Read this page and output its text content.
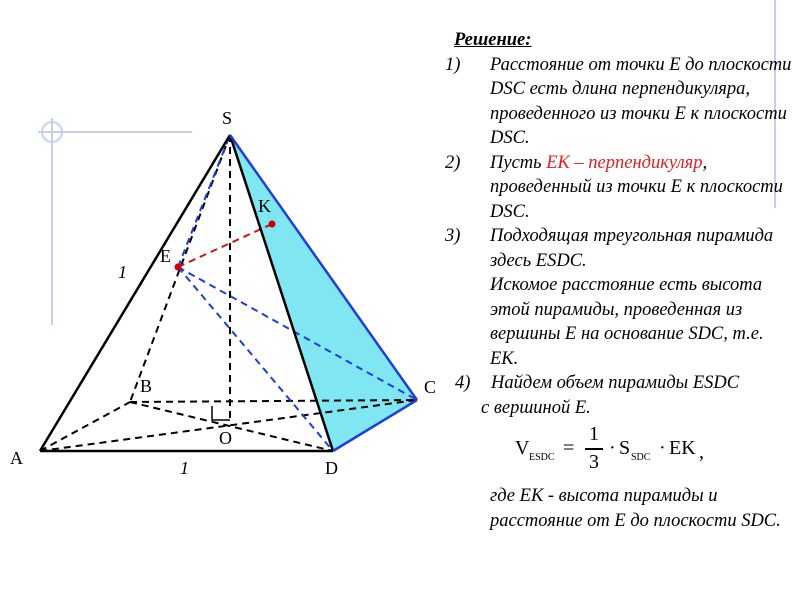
S
K
E
B	C
A
O
D
1
1
Решение:
1) Расстояние от точки Е до плоскости DSC есть длина перпендикуляра, проведенного из точки Е к плоскости DSC.
2) Пусть ЕК – перпендикуляр, проведенный из точки Е к плоскости DSC.
3) Подходящая треугольная пирамида здесь ESDC.
Искомое расстояние есть высота этой пирамиды, проведенная из вершины Е на основание SDC, т.е. ЕК.
4) Найдем объем пирамиды ESDC
с вершиной Е.
V ESDC =
1
3
· S SDC · EK ,
где ЕК - высота пирамиды и расстояние от Е до плоскости SDC.
